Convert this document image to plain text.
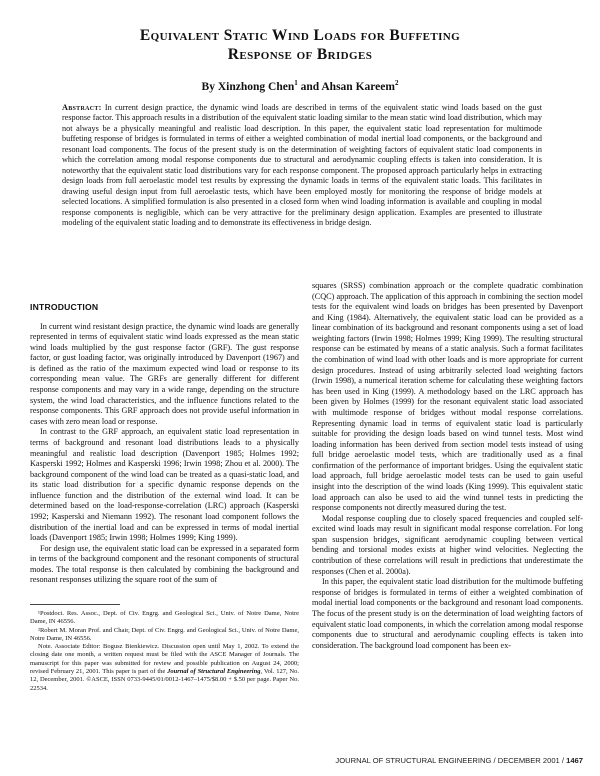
Equivalent Static Wind Loads for Buffeting
Response of Bridges
By Xinzhong Chen$^1$ and Ahsan Kareem$^2$
Abstract: In current design practice, the dynamic wind loads are described in terms of the equivalent static wind loads based on the gust response factor. This approach results in a distribution of the equivalent static loading similar to the mean static wind load distribution, which may not always be a physically meaningful and realistic load description. In this paper, the equivalent static load representation for multimode buffeting response of bridges is formulated in terms of either a weighted combination of modal inertial load components, or the background and resonant load components. The focus of the present study is on the determination of weighting factors of equivalent static load components in which the correlation among modal response components due to structural and aerodynamic coupling effects is taken into consideration. It is noteworthy that the equivalent static load distributions vary for each response component. The proposed approach particularly helps in extracting design loads from full aeroelastic model test results by expressing the dynamic loads in terms of the equivalent static loads. This facilitates in drawing useful design input from full aeroelastic tests, which have been employed mostly for monitoring the response of bridge models at selected locations. A simplified formulation is also presented in a closed form when wind loading information is available and coupling in modal response components is negligible, which can be very attractive for the preliminary design application. Examples are presented to illustrate modeling of the equivalent static loading and to demonstrate its effectiveness in bridge design.
INTRODUCTION

In current wind resistant design practice, the dynamic wind loads are generally represented in terms of equivalent static wind loads expressed as the mean static wind loads multiplied by the gust response factor (GRF). The gust response factor, or gust loading factor, was originally introduced by Davenport (1967) and is defined as the ratio of the maximum expected wind load or response to its corresponding mean value. The GRFs are generally different for different response components and may vary in a wide range, depending on the structure system, the wind load characteristics, and the influence functions related to the response components. This GRF approach does not provide useful information in cases with zero mean load or response.

In contrast to the GRF approach, an equivalent static load representation in terms of background and resonant load distributions leads to a physically meaningful and realistic load description (Davenport 1985; Holmes 1992; Kasperski 1992; Holmes and Kasperski 1996; Irwin 1998; Zhou et al. 2000). The background component of the wind load can be treated as a quasi-static load, and its static load distribution for a specific dynamic response depends on the influence function and the distribution of the external wind load. It can be determined based on the load-response-correlation (LRC) approach (Kasperski 1992; Kasperski and Niemann 1992). The resonant load component follows the distribution of the inertial load and can be expressed in terms of modal inertial loads (Davenport 1985; Irwin 1998; Holmes 1999; King 1999).

For design use, the equivalent static load can be expressed in a separated form in terms of the background component and the resonant components of structural modes. The total response is then calculated by combining the background and resonant responses utilizing the square root of the sum of

¹Postdoct. Res. Assoc., Dept. of Civ. Engrg. and Geological Sci., Univ. of Notre Dame, Notre Dame, IN 46556.

²Robert M. Moran Prof. and Chair, Dept. of Civ. Engrg. and Geological Sci., Univ. of Notre Dame, Notre Dame, IN 46556.

Note. Associate Editor: Bogusz Bienkiewicz. Discussion open until May 1, 2002. To extend the closing date one month, a written request must be filed with the ASCE Manager of Journals. The manuscript for this paper was submitted for review and possible publication on August 24, 2000; revised February 21, 2001. This paper is part of the Journal of Structural Engineering, Vol. 127, No. 12, December, 2001. ©ASCE, ISSN 0733-9445/01/0012-1467–1475/$8.00 + $.50 per page. Paper No. 22534.

squares (SRSS) combination approach or the complete quadratic combination (CQC) approach. The application of this approach in combining the section model tests for the equivalent wind loads on bridges has been presented by Davenport and King (1984). Alternatively, the equivalent static load can be provided as a linear combination of its background and resonant components using a set of load weighting factors (Irwin 1998; Holmes 1999; King 1999). The resulting structural response can be estimated by means of a static analysis. Such a format facilitates the combination of wind load with other loads and is more appropriate for current design procedures. Instead of using arbitrarily selected load weighting factors (Irwin 1998), a numerical iteration scheme for calculating these weighting factors has been used in King (1999). A methodology based on the LRC approach has been given by Holmes (1999) for the resonant equivalent static load associated with multimode response of bridges without modal response correlations. Representing dynamic load in terms of equivalent static load is particularly suitable for providing the design loads based on wind tunnel tests. Most wind loading information has been derived from section model tests instead of using full bridge aeroelastic model tests, which are traditionally used as a final confirmation of the performance of important bridges. Using the equivalent static load approach, full bridge aeroelastic model tests can be used to gain useful insight into the description of the wind loads (King 1999). This equivalent static load approach can also be used to aid the wind tunnel tests in predicting the response components not directly measured during the test.

Modal response coupling due to closely spaced frequencies and coupled self-excited wind loads may result in significant modal response correlation. For long span suspension bridges, significant aerodynamic coupling between vertical bending and torsional modes exists at higher wind velocities. Neglecting the contribution of these correlations will result in predictions that underestimate the responses (Chen et al. 2000a).

In this paper, the equivalent static load distribution for the multimode buffeting response of bridges is formulated in terms of either a weighted combination of modal inertial load components or the background and resonant load components. The focus of the present study is on the determination of load weighting factors of equivalent static load components, in which the correlation among modal response components due to structural and aerodynamic coupling effects is taken into consideration. The background load component has been ex-

JOURNAL OF STRUCTURAL ENGINEERING / DECEMBER 2001 / 1467
